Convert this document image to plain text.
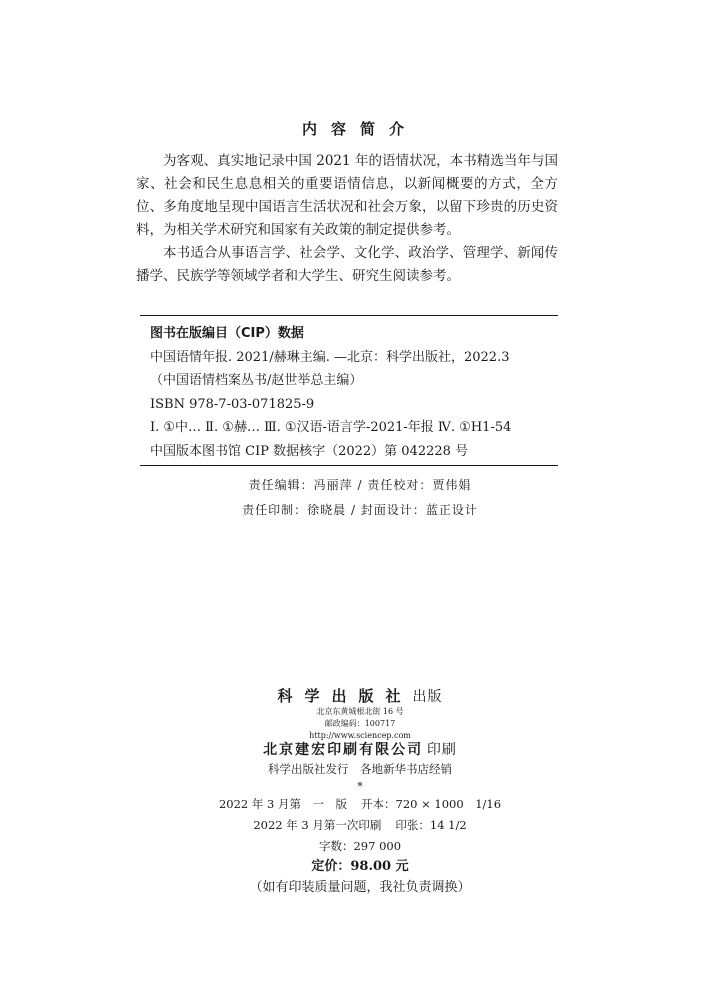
内容简介

为客观、真实地记录中国 2021 年的语情状况，本书精选当年与国家、社会和民生息息相关的重要语情信息，以新闻概要的方式，全方位、多角度地呈现中国语言生活状况和社会万象，以留下珍贵的历史资料，为相关学术研究和国家有关政策的制定提供参考。

本书适合从事语言学、社会学、文化学、政治学、管理学、新闻传播学、民族学等领域学者和大学生、研究生阅读参考。

图书在版编目（CIP）数据
中国语情年报. 2021/赫琳主编. —北京：科学出版社，2022.3
（中国语情档案丛书/赵世举总主编）
ISBN 978-7-03-071825-9
Ⅰ. ①中… Ⅱ. ①赫… Ⅲ. ①汉语-语言学-2021-年报 Ⅳ. ①H1-54
中国版本图书馆 CIP 数据核字（2022）第 042228 号
责任编辑：冯丽萍 / 责任校对：贾伟娟
责任印制：徐晓晨 / 封面设计：蓝正设计
科学出版社出版
北京东黄城根北街 16 号
邮政编码：100717
http://www.sciencep.com
北京建宏印刷有限公司 印刷
科学出版社发行　各地新华书店经销
*
2022 年 3 月第　一　版 开本：720 × 1000　1/16
2022 年 3 月第一次印刷 印张：14 1/2
字数：297 000
定价：98.00 元
（如有印装质量问题，我社负责调换）
